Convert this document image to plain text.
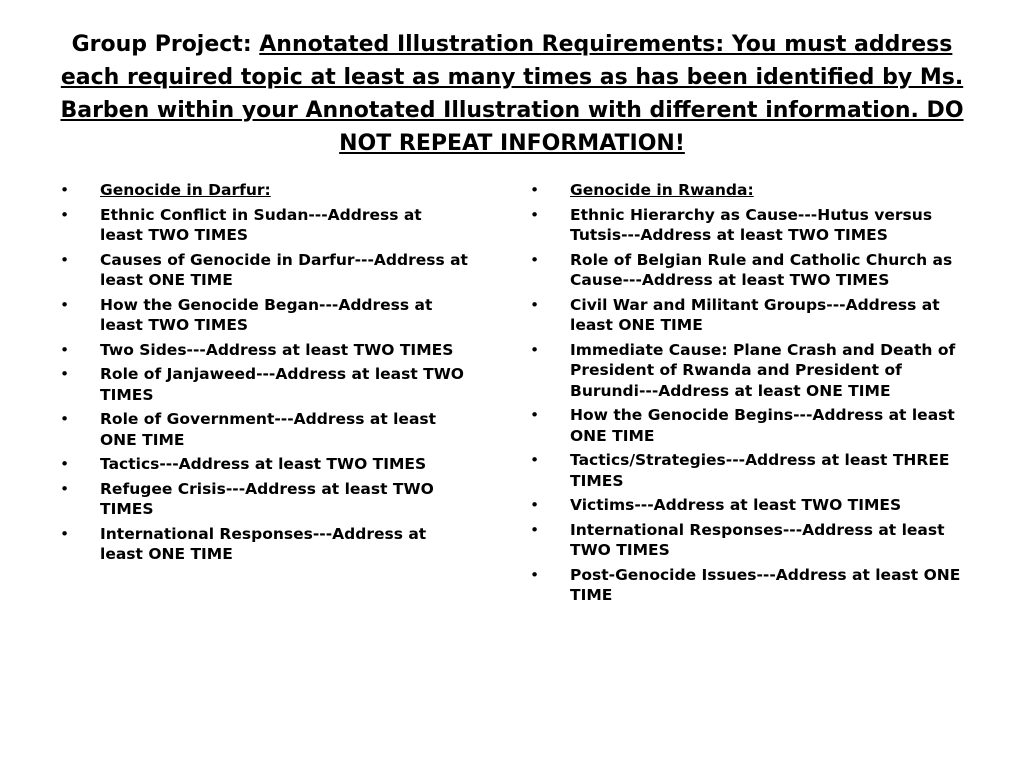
Group Project: Annotated Illustration Requirements: You must address each required topic at least as many times as has been identified by Ms. Barben within your Annotated Illustration with different information. DO NOT REPEAT INFORMATION!
• Genocide in Darfur:
• Ethnic Conflict in Sudan---Address at least TWO TIMES
• Causes of Genocide in Darfur---Address at least ONE TIME
• How the Genocide Began---Address at least TWO TIMES
• Two Sides---Address at least TWO TIMES
• Role of Janjaweed---Address at least TWO TIMES
• Role of Government---Address at least ONE TIME
• Tactics---Address at least TWO TIMES
• Refugee Crisis---Address at least TWO TIMES
• International Responses---Address at least ONE TIME
• Genocide in Rwanda:
• Ethnic Hierarchy as Cause---Hutus versus Tutsis---Address at least TWO TIMES
• Role of Belgian Rule and Catholic Church as Cause---Address at least TWO TIMES
• Civil War and Militant Groups---Address at least ONE TIME
• Immediate Cause: Plane Crash and Death of President of Rwanda and President of Burundi---Address at least ONE TIME
• How the Genocide Begins---Address at least ONE TIME
• Tactics/Strategies---Address at least THREE TIMES
• Victims---Address at least TWO TIMES
• International Responses---Address at least TWO TIMES
• Post-Genocide Issues---Address at least ONE TIME
